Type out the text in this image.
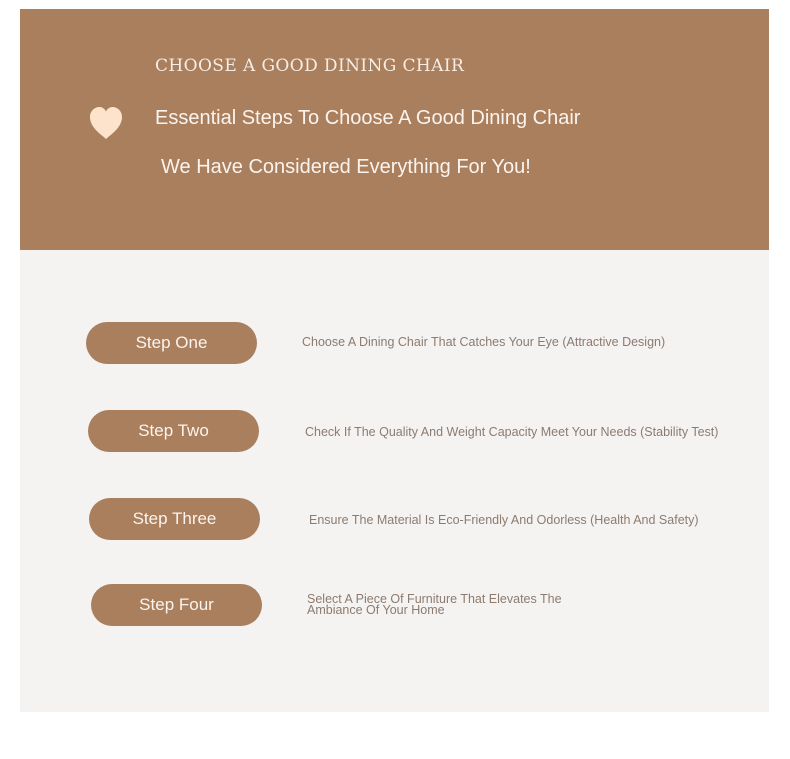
CHOOSE A GOOD DINING CHAIR
Essential Steps To Choose A Good Dining Chair
We Have Considered Everything For You!
Step One	Choose A Dining Chair That Catches Your Eye (Attractive Design)
Step Two	Check If The Quality And Weight Capacity Meet Your Needs (Stability Test)
Step Three	Ensure The Material Is Eco-Friendly And Odorless (Health And Safety)
Step Four	Select A Piece Of Furniture That Elevates The Ambiance Of Your Home
